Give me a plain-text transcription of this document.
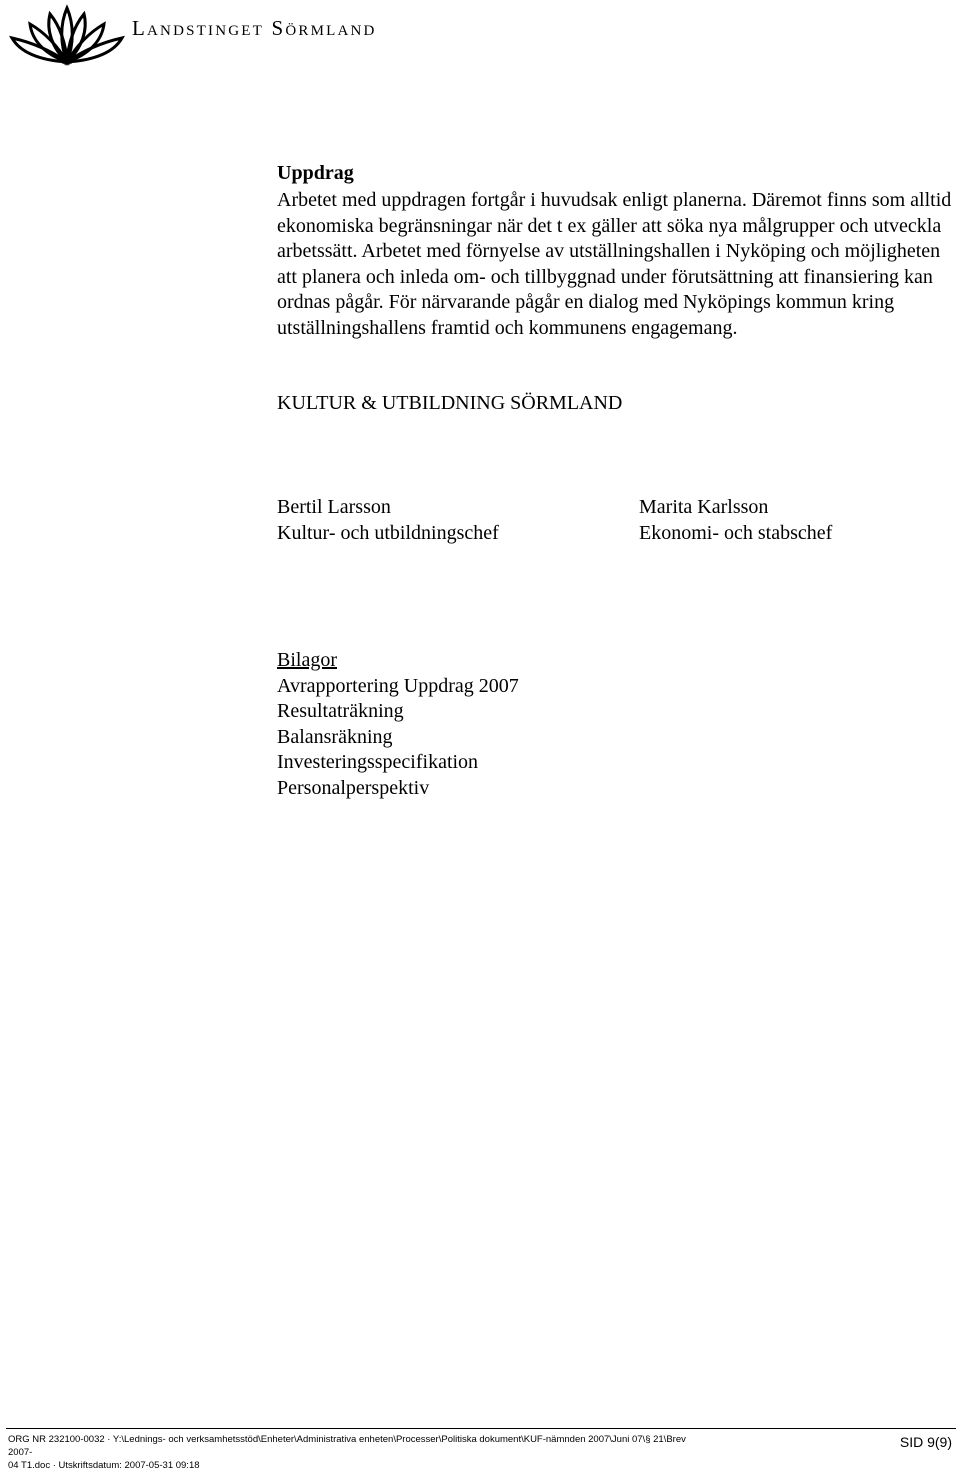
Landstinget Sörmland
Uppdrag

Arbetet med uppdragen fortgår i huvudsak enligt planerna. Däremot finns som alltid ekonomiska begränsningar när det t ex gäller att söka nya målgrupper och utveckla arbetssätt. Arbetet med förnyelse av utställningshallen i Nyköping och möjligheten att planera och inleda om- och tillbyggnad under förutsättning att finansiering kan ordnas pågår. För närvarande pågår en dialog med Nyköpings kommun kring utställningshallens framtid och kommunens engagemang.

KULTUR & UTBILDNING SÖRMLAND
Bertil Larsson
Kultur- och utbildningschef
Marita Karlsson
Ekonomi- och stabschef
Bilagor
Avrapportering Uppdrag 2007
Resultaträkning
Balansräkning
Investeringsspecifikation
Personalperspektiv
ORG NR 232100-0032 · Y:\Lednings- och verksamhetsstöd\Enheter\Administrativa enheten\Processer\Politiska dokument\KUF-nämnden 2007\Juni 07\§ 21\Brev 2007-
04 T1.doc · Utskriftsdatum: 2007-05-31 09:18
SID 9(9)
